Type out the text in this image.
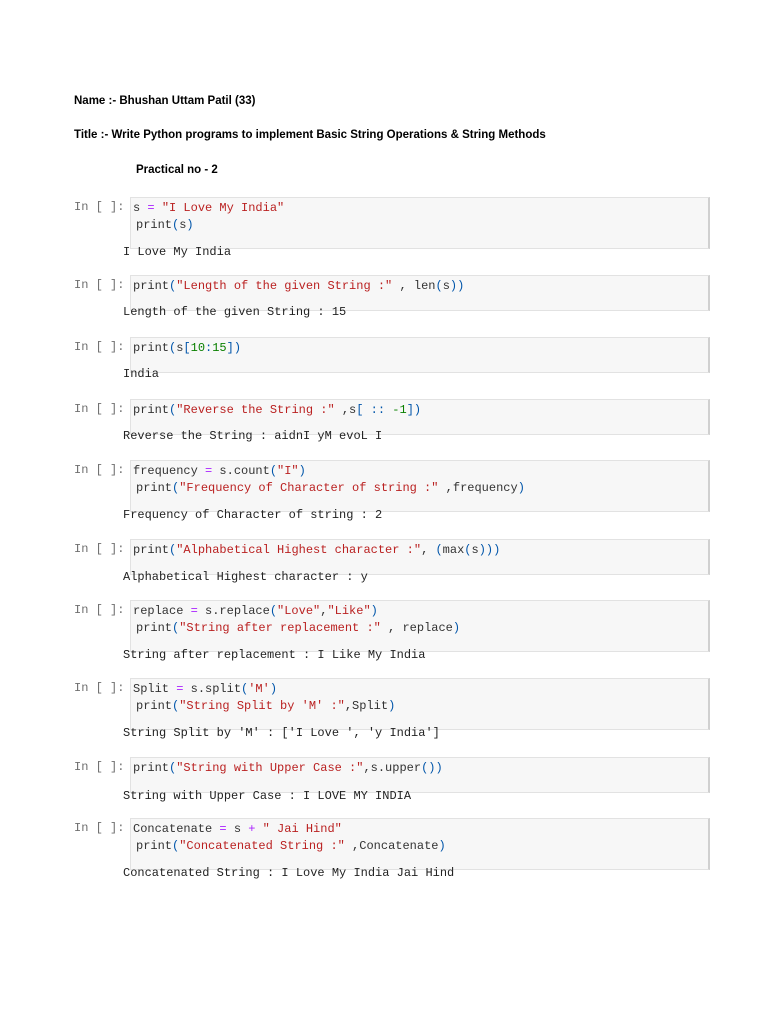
Name :- Bhushan Uttam Patil (33)
Title :- Write Python programs to implement Basic String Operations & String Methods
Practical no - 2
In [ ]: s = "I Love My India"
print(s)
I Love My India
In [ ]: print("Length of the given String :" , len(s))
Length of the given String : 15
In [ ]: print(s[10:15])
India
In [ ]: print("Reverse the String :" ,s[ :: -1])
Reverse the String : aidnI yM evoL I
In [ ]: frequency = s.count("I")
print("Frequency of Character of string :" ,frequency)
Frequency of Character of string : 2
In [ ]: print("Alphabetical Highest character :", (max(s)))
Alphabetical Highest character : y
In [ ]: replace = s.replace("Love","Like")
print("String after replacement :" , replace)
String after replacement : I Like My India
In [ ]: Split = s.split('M')
print("String Split by 'M' :",Split)
String Split by 'M' : ['I Love ', 'y India']
In [ ]: print("String with Upper Case :",s.upper())
String with Upper Case : I LOVE MY INDIA
In [ ]: Concatenate = s + " Jai Hind"
print("Concatenated String :" ,Concatenate)
Concatenated String : I Love My India Jai Hind
